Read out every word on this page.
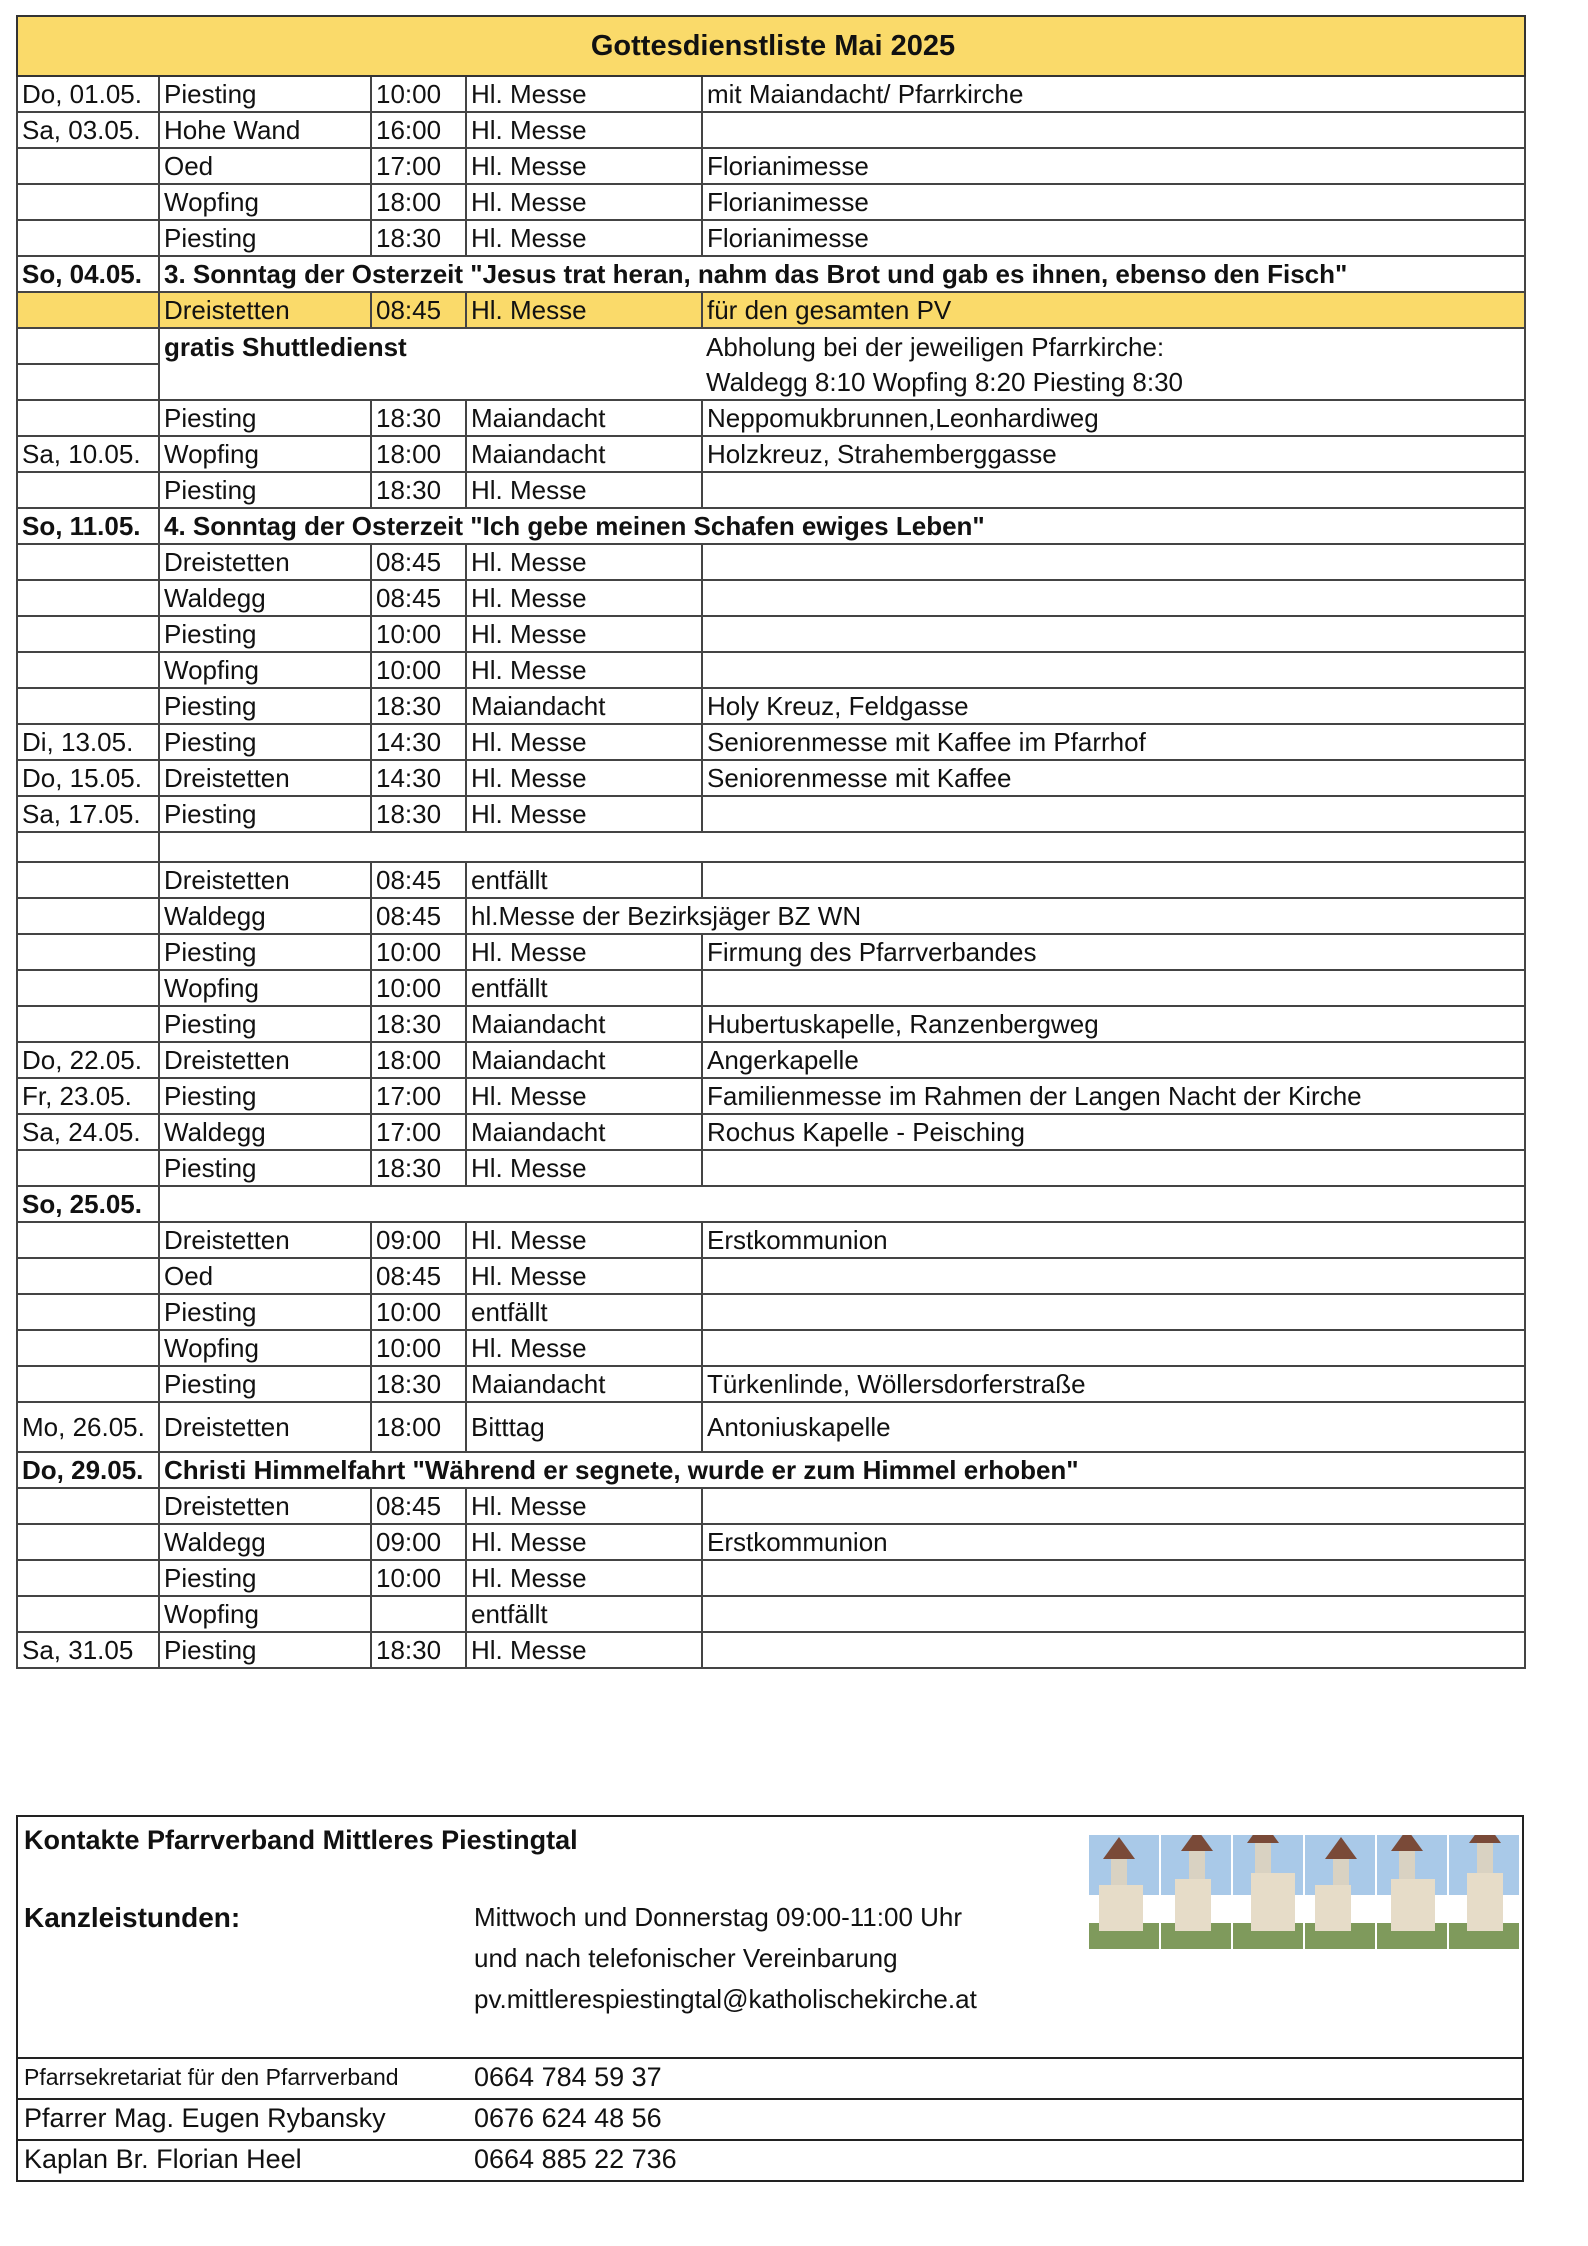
Gottesdienstliste Mai 2025				
Do, 01.05.	Piesting	10:00	Hl. Messe	mit Maiandacht/ Pfarrkirche
Sa, 03.05.	Hohe Wand	16:00	Hl. Messe	
	Oed	17:00	Hl. Messe	Florianimesse
	Wopfing	18:00	Hl. Messe	Florianimesse
	Piesting	18:30	Hl. Messe	Florianimesse
So, 04.05.	3. Sonntag der Osterzeit "Jesus trat heran, nahm das Brot und gab es ihnen, ebenso den Fisch"			
	Dreistetten	08:45	Hl. Messe	für den gesamten PV
	gratis Shuttledienst			Abholung bei der jeweiligen Pfarrkirche:
				Waldegg 8:10 Wopfing 8:20 Piesting 8:30
	Piesting	18:30	Maiandacht	Neppomukbrunnen,Leonhardiweg
Sa, 10.05.	Wopfing	18:00	Maiandacht	Holzkreuz, Strahemberggasse
	Piesting	18:30	Hl. Messe	
So, 11.05.	4. Sonntag der Osterzeit "Ich gebe meinen Schafen ewiges Leben"			
	Dreistetten	08:45	Hl. Messe	
	Waldegg	08:45	Hl. Messe	
	Piesting	10:00	Hl. Messe	
	Wopfing	10:00	Hl. Messe	
	Piesting	18:30	Maiandacht	Holy Kreuz, Feldgasse
Di, 13.05.	Piesting	14:30	Hl. Messe	Seniorenmesse mit Kaffee im Pfarrhof
Do, 15.05.	Dreistetten	14:30	Hl. Messe	Seniorenmesse mit Kaffee
Sa, 17.05.	Piesting	18:30	Hl. Messe	

	Dreistetten	08:45	entfällt	
	Waldegg	08:45	hl.Messe der Bezirksjäger BZ WN	
	Piesting	10:00	Hl. Messe	Firmung des Pfarrverbandes
	Wopfing	10:00	entfällt	
	Piesting	18:30	Maiandacht	Hubertuskapelle, Ranzenbergweg
Do, 22.05.	Dreistetten	18:00	Maiandacht	Angerkapelle
Fr, 23.05.	Piesting	17:00	Hl. Messe	Familienmesse im Rahmen der Langen Nacht der Kirche
Sa, 24.05.	Waldegg	17:00	Maiandacht	Rochus Kapelle - Peisching
	Piesting	18:30	Hl. Messe	
So, 25.05.				
	Dreistetten	09:00	Hl. Messe	Erstkommunion
	Oed	08:45	Hl. Messe	
	Piesting	10:00	entfällt	
	Wopfing	10:00	Hl. Messe	
	Piesting	18:30	Maiandacht	Türkenlinde, Wöllersdorferstraße
Mo, 26.05.	Dreistetten	18:00	Bitttag	Antoniuskapelle
Do, 29.05.	Christi Himmelfahrt "Während er segnete, wurde er zum Himmel erhoben"			
	Dreistetten	08:45	Hl. Messe	
	Waldegg	09:00	Hl. Messe	Erstkommunion
	Piesting	10:00	Hl. Messe	
	Wopfing		entfällt	
Sa, 31.05	Piesting	18:30	Hl. Messe	
Kontakte Pfarrverband Mittleres Piestingtal
Kanzleistunden:	Mittwoch und Donnerstag 09:00-11:00 Uhr
und nach telefonischer Vereinbarung
pv.mittlerespiestingtal@katholischekirche.at
Pfarrsekretariat für den Pfarrverband	0664 784 59 37
Pfarrer Mag. Eugen Rybansky	0676 624 48 56
Kaplan Br. Florian Heel	0664 885 22 736
